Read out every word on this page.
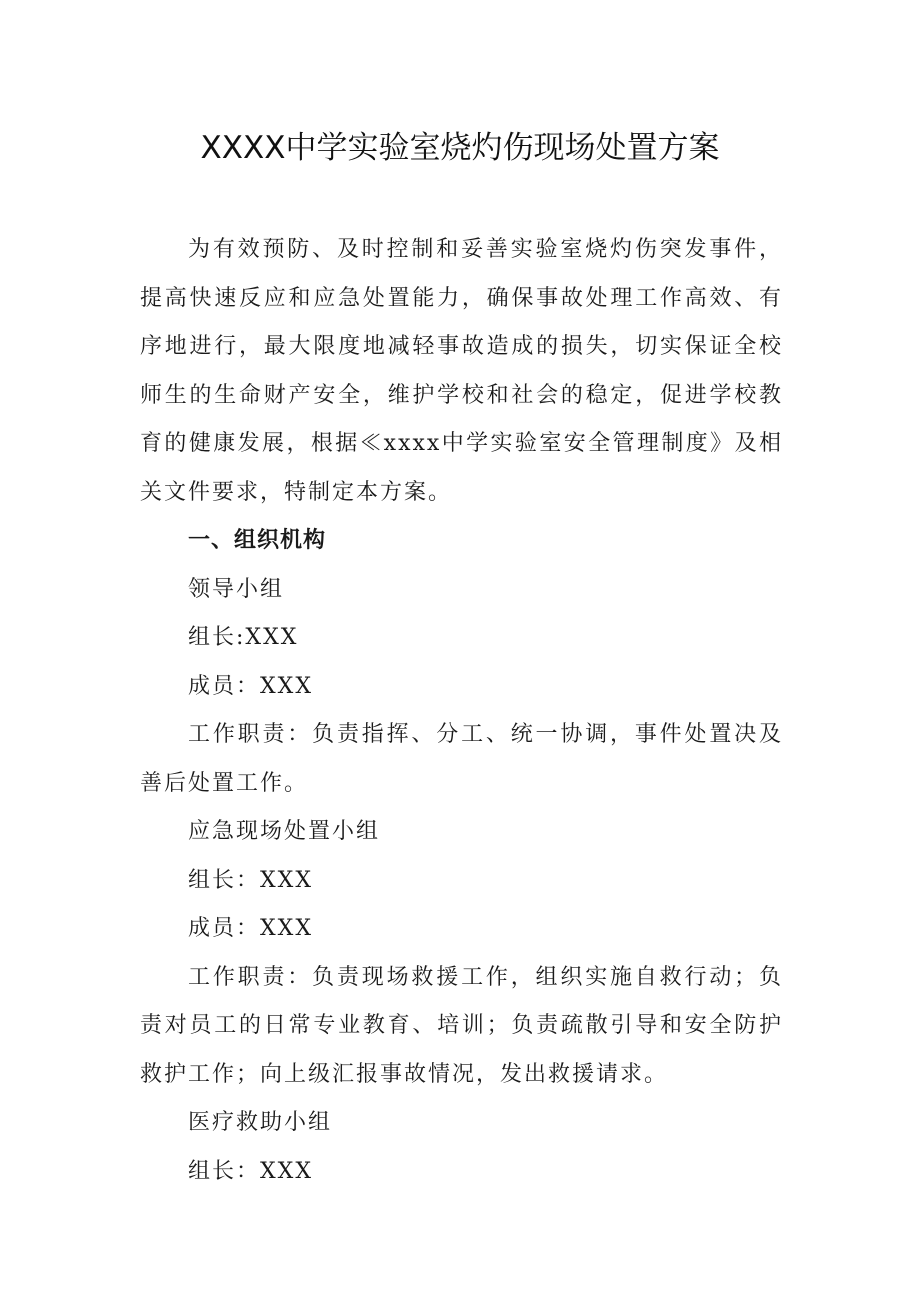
XXXX中学实验室烧灼伤现场处置方案

为有效预防、及时控制和妥善实验室烧灼伤突发事件，提高快速反应和应急处置能力，确保事故处理工作高效、有序地进行，最大限度地减轻事故造成的损失，切实保证全校师生的生命财产安全，维护学校和社会的稳定，促进学校教育的健康发展，根据≪xxxx中学实验室安全管理制度》及相关文件要求，特制定本方案。

一、组织机构

领导小组

组长:XXX

成员：XXX

工作职责：负责指挥、分工、统一协调，事件处置决及善后处置工作。

应急现场处置小组

组长：XXX

成员：XXX

工作职责：负责现场救援工作，组织实施自救行动；负责对员工的日常专业教育、培训；负责疏散引导和安全防护救护工作；向上级汇报事故情况，发出救援请求。

医疗救助小组

组长：XXX
